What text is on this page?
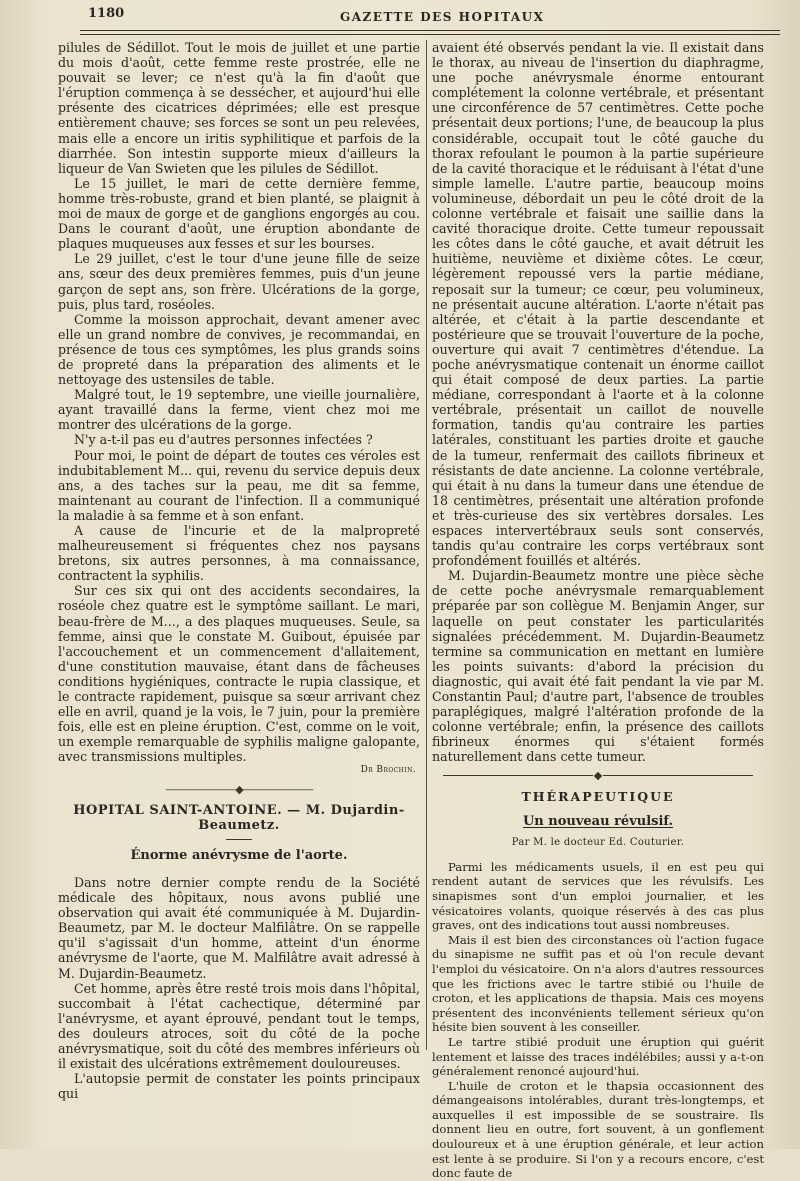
1180	GAZETTE DES HOPITAUX

pilules de Sédillot. Tout le mois de juillet et une partie du mois d'août, cette femme reste prostrée, elle ne pouvait se lever; ce n'est qu'à la fin d'août que l'éruption commença à se dessécher, et aujourd'hui elle présente des cicatrices déprimées; elle est presque entièrement chauve; ses forces se sont un peu relevées, mais elle a encore un iritis syphilitique et parfois de la diarrhée. Son intestin supporte mieux d'ailleurs la liqueur de Van Swieten que les pilules de Sédillot.

Le 15 juillet, le mari de cette dernière femme, homme très-robuste, grand et bien planté, se plaignit à moi de maux de gorge et de ganglions engorgés au cou. Dans le courant d'août, une éruption abondante de plaques muqueuses aux fesses et sur les bourses.

Le 29 juillet, c'est le tour d'une jeune fille de seize ans, sœur des deux premières femmes, puis d'un jeune garçon de sept ans, son frère. Ulcérations de la gorge, puis, plus tard, roséoles.

Comme la moisson approchait, devant amener avec elle un grand nombre de convives, je recommandai, en présence de tous ces symptômes, les plus grands soins de propreté dans la préparation des aliments et le nettoyage des ustensiles de table.

Malgré tout, le 19 septembre, une vieille journalière, ayant travaillé dans la ferme, vient chez moi me montrer des ulcérations de la gorge.

N'y a-t-il pas eu d'autres personnes infectées ?

Pour moi, le point de départ de toutes ces véroles est indubitablement M... qui, revenu du service depuis deux ans, a des taches sur la peau, me dit sa femme, maintenant au courant de l'infection. Il a communiqué la maladie à sa femme et à son enfant.

A cause de l'incurie et de la malpropreté malheureusement si fréquentes chez nos paysans bretons, six autres personnes, à ma connaissance, contractent la syphilis.

Sur ces six qui ont des accidents secondaires, la roséole chez quatre est le symptôme saillant. Le mari, beau-frère de M..., a des plaques muqueuses. Seule, sa femme, ainsi que le constate M. Guibout, épuisée par l'accouchement et un commencement d'allaitement, d'une constitution mauvaise, étant dans de fâcheuses conditions hygiéniques, contracte le rupia classique, et le contracte rapidement, puisque sa sœur arrivant chez elle en avril, quand je la vois, le 7 juin, pour la première fois, elle est en pleine éruption. C'est, comme on le voit, un exemple remarquable de syphilis maligne galopante, avec transmissions multiples.

Dr Brochin.
———————◆———————
HOPITAL SAINT-ANTOINE. — M. Dujardin-Beaumetz.
Énorme anévrysme de l'aorte.

Dans notre dernier compte rendu de la Société médicale des hôpitaux, nous avons publié une observation qui avait été communiquée à M. Dujardin-Beaumetz, par M. le docteur Malfilâtre. On se rappelle qu'il s'agissait d'un homme, atteint d'un énorme anévrysme de l'aorte, que M. Malfilâtre avait adressé à M. Dujardin-Beaumetz.

Cet homme, après être resté trois mois dans l'hôpital, succombait à l'état cachectique, déterminé par l'anévrysme, et ayant éprouvé, pendant tout le temps, des douleurs atroces, soit du côté de la poche anévrysmatique, soit du côté des membres inférieurs où il existait des ulcérations extrêmement douloureuses.

L'autopsie permit de constater les points principaux qui

avaient été observés pendant la vie. Il existait dans le thorax, au niveau de l'insertion du diaphragme, une poche anévrysmale énorme entourant complétement la colonne vertébrale, et présentant une circonférence de 57 centimètres. Cette poche présentait deux portions; l'une, de beaucoup la plus considérable, occupait tout le côté gauche du thorax refoulant le poumon à la partie supérieure de la cavité thoracique et le réduisant à l'état d'une simple lamelle. L'autre partie, beaucoup moins volumineuse, débordait un peu le côté droit de la colonne vertébrale et faisait une saillie dans la cavité thoracique droite. Cette tumeur repoussait les côtes dans le côté gauche, et avait détruit les huitième, neuvième et dixième côtes. Le cœur, légèrement repoussé vers la partie médiane, reposait sur la tumeur; ce cœur, peu volumineux, ne présentait aucune altération. L'aorte n'était pas altérée, et c'était à la partie descendante et postérieure que se trouvait l'ouverture de la poche, ouverture qui avait 7 centimètres d'étendue. La poche anévrysmatique contenait un énorme caillot qui était composé de deux parties. La partie médiane, correspondant à l'aorte et à la colonne vertébrale, présentait un caillot de nouvelle formation, tandis qu'au contraire les parties latérales, constituant les parties droite et gauche de la tumeur, renfermait des caillots fibrineux et résistants de date ancienne. La colonne vertébrale, qui était à nu dans la tumeur dans une étendue de 18 centimètres, présentait une altération profonde et très-curieuse des six vertèbres dorsales. Les espaces intervertébraux seuls sont conservés, tandis qu'au contraire les corps vertébraux sont profondément fouillés et altérés.

M. Dujardin-Beaumetz montre une pièce sèche de cette poche anévrysmale remarquablement préparée par son collègue M. Benjamin Anger, sur laquelle on peut constater les particularités signalées précédemment. M. Dujardin-Beaumetz termine sa communication en mettant en lumière les points suivants: d'abord la précision du diagnostic, qui avait été fait pendant la vie par M. Constantin Paul; d'autre part, l'absence de troubles paraplégiques, malgré l'altération profonde de la colonne vertébrale; enfin, la présence des caillots fibrineux énormes qui s'étaient formés naturellement dans cette tumeur.

THÉRAPEUTIQUE
Un nouveau révulsif.
Par M. le docteur Ed. Couturier.

Parmi les médicaments usuels, il en est peu qui rendent autant de services que les révulsifs. Les sinapismes sont d'un emploi journalier, et les vésicatoires volants, quoique réservés à des cas plus graves, ont des indications tout aussi nombreuses.

Mais il est bien des circonstances où l'action fugace du sinapisme ne suffit pas et où l'on recule devant l'emploi du vésicatoire. On n'a alors d'autres ressources que les frictions avec le tartre stibié ou l'huile de croton, et les applications de thapsia. Mais ces moyens présentent des inconvénients tellement sérieux qu'on hésite bien souvent à les conseiller.

Le tartre stibié produit une éruption qui guérit lentement et laisse des traces indélébiles; aussi y a-t-on généralement renoncé aujourd'hui.

L'huile de croton et le thapsia occasionnent des démangeaisons intolérables, durant très-longtemps, et auxquelles il est impossible de se soustraire. Ils donnent lieu en outre, fort souvent, à un gonflement douloureux et à une éruption générale, et leur action est lente à se produire. Si l'on y a recours encore, c'est donc faute de
